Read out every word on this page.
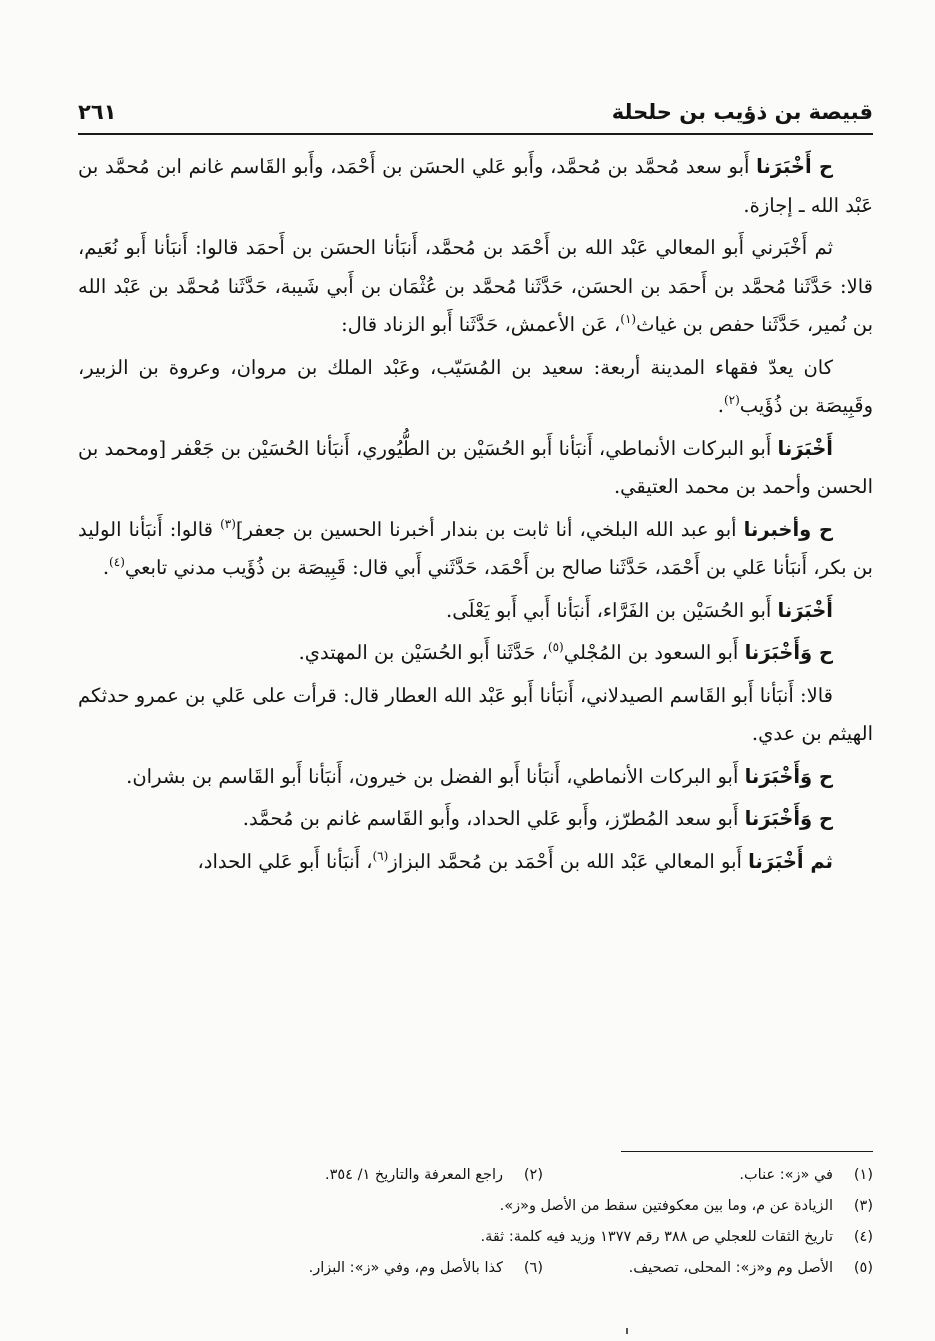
قبيصة بن ذؤيب بن حلحلة
٢٦١

ح أَخْبَرَنا أَبو سعد مُحمَّد بن مُحمَّد، وأَبو عَلي الحسَن بن أَحْمَد، وأَبو القَاسم غانم ابن مُحمَّد بن عَبْد الله ـ إجازة.

ثم أَخْبَرني أَبو المعالي عَبْد الله بن أَحْمَد بن مُحمَّد، أَنبَأنا الحسَن بن أَحمَد قالوا: أَنبَأنا أَبو نُعَيم، قالا: حَدَّثَنا مُحمَّد بن أَحمَد بن الحسَن، حَدَّثَنا مُحمَّد بن عُثْمَان بن أَبي شَيبة، حَدَّثَنا مُحمَّد بن عَبْد الله بن نُمير، حَدَّثَنا حفص بن غياث$^{(١)}$، عَن الأعمش، حَدَّثَنا أَبو الزناد قال:

كان يعدّ فقهاء المدينة أربعة: سعيد بن المُسَيّب، وعَبْد الملك بن مروان، وعروة بن الزبير، وقَبِيصَة بن ذُؤَيب$^{(٢)}$.

أَخْبَرَنا أَبو البركات الأنماطي، أَنبَأنا أَبو الحُسَيْن بن الطُّيُوري، أَنبَأنا الحُسَيْن بن جَعْفر [ومحمد بن الحسن وأحمد بن محمد العتيقي.

ح وأخبرنا أبو عبد الله البلخي، أنا ثابت بن بندار أخبرنا الحسين بن جعفر]$^{(٣)}$ قالوا: أَنبَأنا الوليد بن بكر، أَنبَأنا عَلي بن أَحْمَد، حَدَّثَنا صالح بن أَحْمَد، حَدَّثَني أَبي قال: قَبِيصَة بن ذُؤَيب مدني تابعي$^{(٤)}$.

أَخْبَرَنا أَبو الحُسَيْن بن الفَرَّاء، أَنبَأنا أَبي أَبو يَعْلَى.

ح وَأَخْبَرَنا أَبو السعود بن المُجْلي$^{(٥)}$، حَدَّثَنا أَبو الحُسَيْن بن المهتدي.

قالا: أَنبَأنا أَبو القَاسم الصيدلاني، أَنبَأنا أَبو عَبْد الله العطار قال: قرأت على عَلي بن عمرو حدثكم الهيثم بن عدي.

ح وَأَخْبَرَنا أَبو البركات الأنماطي، أَنبَأنا أَبو الفضل بن خيرون، أَنبَأنا أَبو القَاسم بن بشران.

ح وَأَخْبَرَنا أَبو سعد المُطرّز، وأَبو عَلي الحداد، وأَبو القَاسم غانم بن مُحمَّد.

ثم أَخْبَرَنا أَبو المعالي عَبْد الله بن أَحْمَد بن مُحمَّد البزاز$^{(٦)}$، أَنبَأنا أَبو عَلي الحداد،

(١)في «ز»: عناب.
(٢)راجع المعرفة والتاريخ ١/ ٣٥٤.
(٣)الزيادة عن م، وما بين معكوفتين سقط من الأصل و«ز».
(٤)تاريخ الثقات للعجلي ص ٣٨٨ رقم ١٣٧٧ وزيد فيه كلمة: ثقة.
(٥)الأصل وم و«ز»: المحلى، تصحيف.
(٦)كذا بالأصل وم، وفي «ز»: البزار.
